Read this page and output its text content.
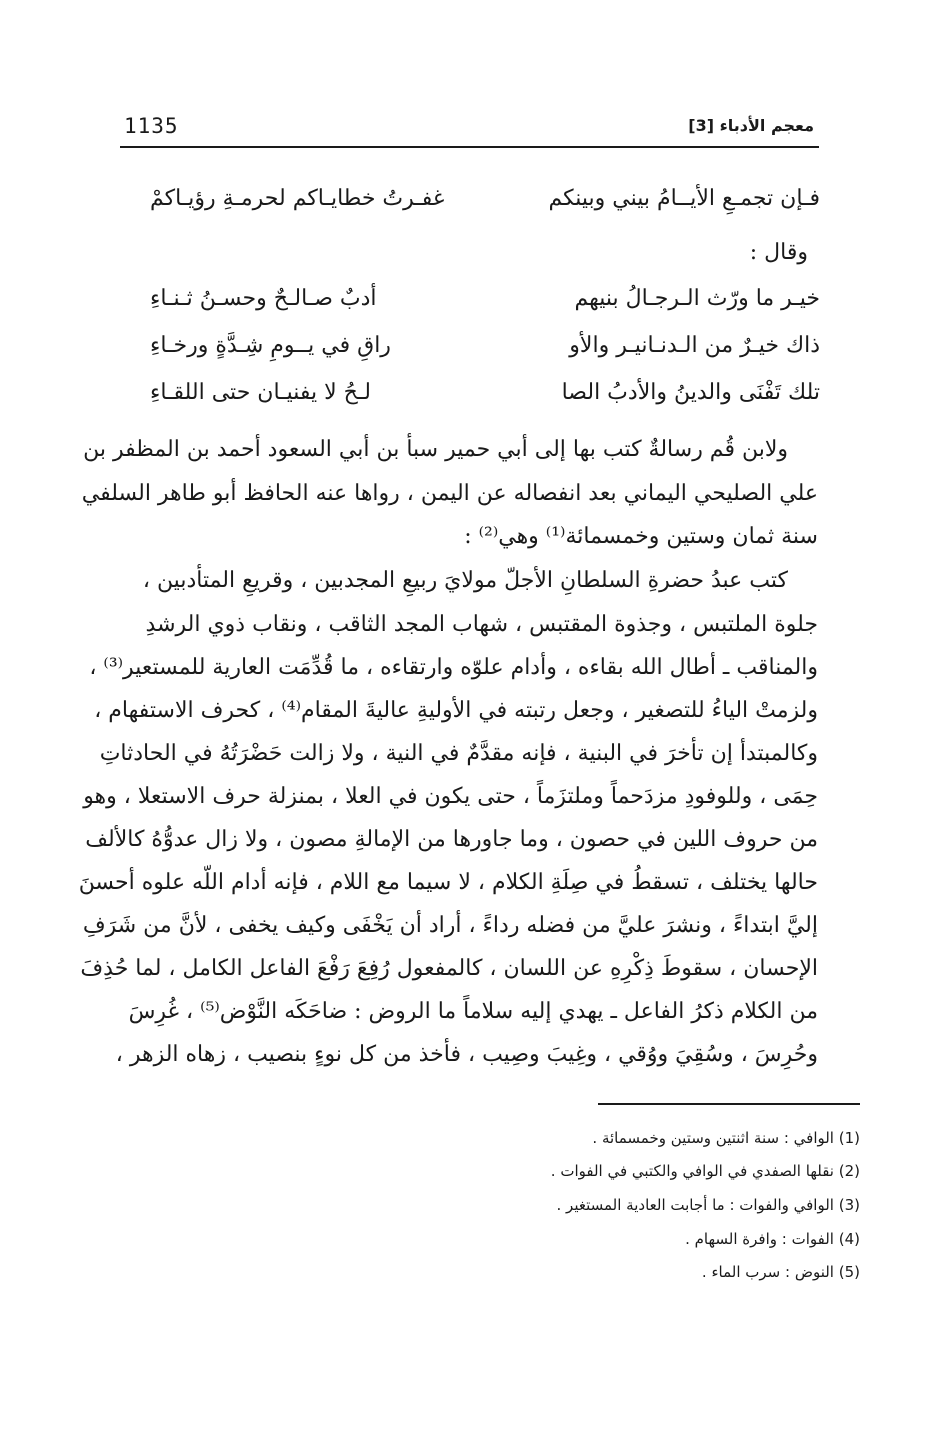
1135	معجم الأدباء [3]
فـإن تجمـعِ الأيــامُ بيني وبينكم
غفـرتُ خطايـاكم لحرمـةِ رؤيـاكمْ
وقال :
خيـر ما ورّث الـرجـالُ بنيهم
أدبٌ صـالـحٌ وحسـنُ ثـنـاءِ
ذاك خيـرٌ من الـدنـانيـر والأو
راقِ في يــومِ شِـدَّةٍ ورخـاءِ
تلك تَفْنَى والدينُ والأدبُ الصا
لـحُ لا يفنيـان حتى اللقـاءِ
ولابن قُم رسالةٌ كتب بها إلى أبي حمير سبأ بن أبي السعود أحمد بن المظفر بن
علي الصليحي اليماني بعد انفصاله عن اليمن ، رواها عنه الحافظ أبو طاهر السلفي
سنة ثمان وستين وخمسمائة⁽¹⁾ وهي⁽²⁾ :
كتب عبدُ حضرةِ السلطانِ الأجلّ مولايَ ربيعِ المجدبين ، وقريعِ المتأدبين ،
جلوة الملتبس ، وجذوة المقتبس ، شهاب المجد الثاقب ، ونقاب ذوي الرشدِ
والمناقب ـ أطال الله بقاءه ، وأدام علوّه وارتقاءه ، ما قُدِّمَت العارية للمستعير⁽³⁾ ،
ولزمتْ الياءُ للتصغير ، وجعل رتبته في الأوليةِ عاليةَ المقام⁽⁴⁾ ، كحرف الاستفهام ،
وكالمبتدأ إن تأخرَ في البنية ، فإنه مقدَّمٌ في النية ، ولا زالت حَضْرَتُهُ في الحادثاتِ
حِمَى ، وللوفودِ مزدَحماً وملتزَماً ، حتى يكون في العلا ، بمنزلة حرف الاستعلا ، وهو
من حروف اللين في حصون ، وما جاورها من الإمالةِ مصون ، ولا زال عدوُّهُ كالألف
حالها يختلف ، تسقطُ في صِلَةِ الكلام ، لا سيما مع اللام ، فإنه أدام اللّه علوه أحسنَ
إليَّ ابتداءً ، ونشرَ عليَّ من فضله رداءً ، أراد أن يَخْفَى وكيف يخفى ، لأنَّ من شَرَفِ
الإحسان ، سقوطَ ذِكْرِهِ عن اللسان ، كالمفعول رُفِعَ رَفْعَ الفاعل الكامل ، لما حُذِفَ
من الكلام ذكرُ الفاعل ـ يهدي إليه سلاماً ما الروض : ضاحَكَه النَّوْض⁽⁵⁾ ، غُرِسَ
وحُرِسَ ، وسُقِيَ ووُقي ، وغِيبَ وصِيب ، فأخذ من كل نوءٍ بنصيب ، زهاه الزهر ،
(1) الوافي : سنة اثنتين وستين وخمسمائة .
(2) نقلها الصفدي في الوافي والكتبي في الفوات .
(3) الوافي والفوات : ما أجابت العادية المستغير .
(4) الفوات : وافرة السهام .
(5) النوض : سرب الماء .
